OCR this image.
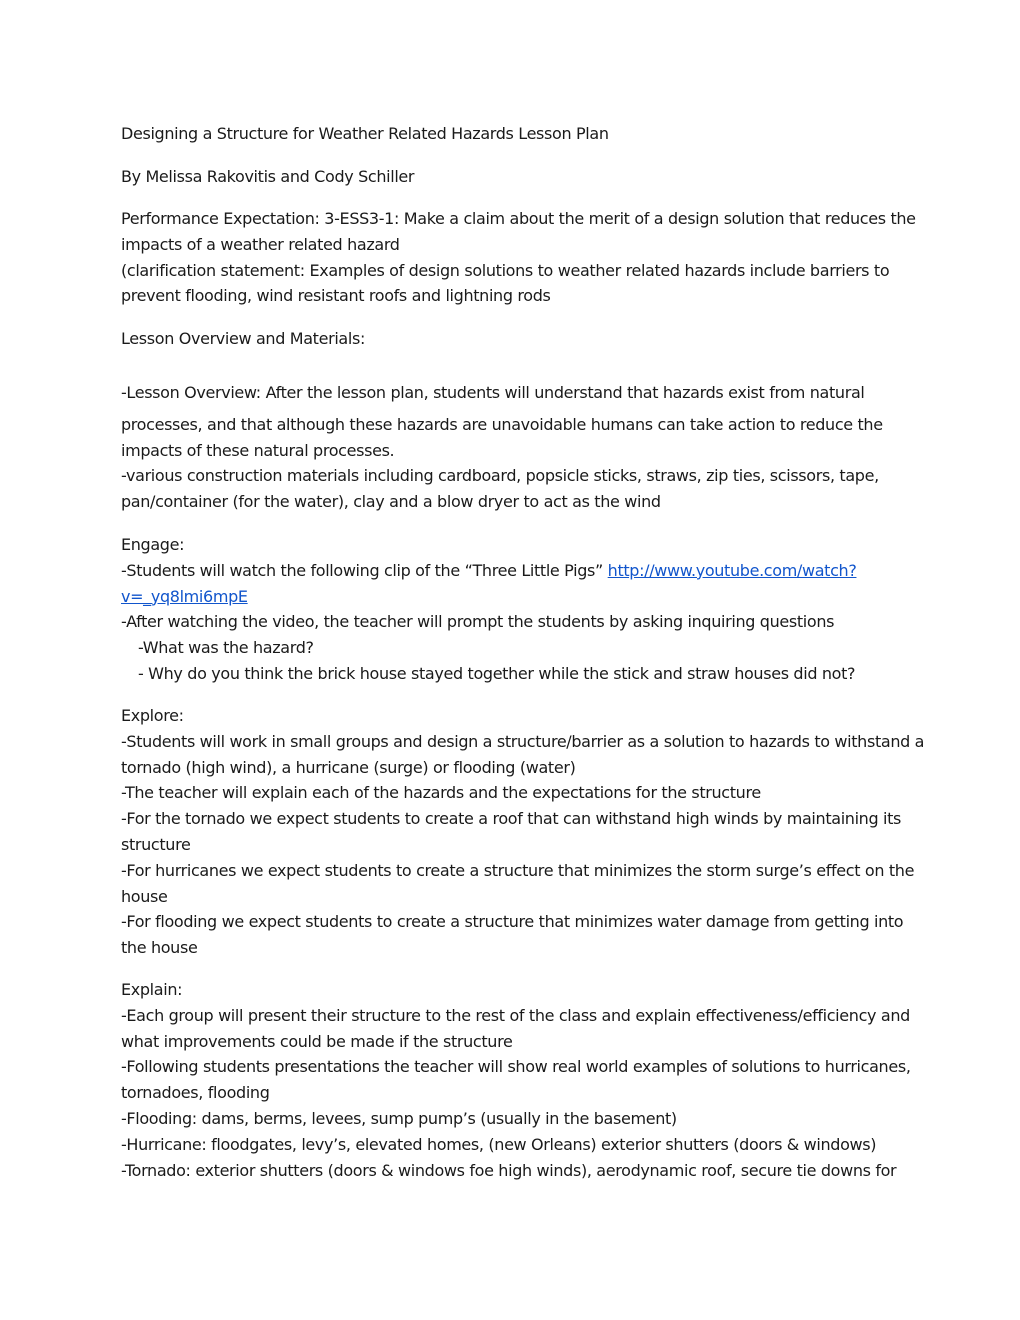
Designing a Structure for Weather Related Hazards Lesson Plan
By Melissa Rakovitis and Cody Schiller
Performance Expectation: 3-ESS3-1: Make a claim about the merit of a design solution that reduces the
impacts of a weather related hazard
(clarification statement: Examples of design solutions to weather related hazards include barriers to
prevent flooding, wind resistant roofs and lightning rods
Lesson Overview and Materials:
-Lesson Overview: After the lesson plan, students will understand that hazards exist from natural
processes, and that although these hazards are unavoidable humans can take action to reduce the
impacts of these natural processes.
-various construction materials including cardboard, popsicle sticks, straws, zip ties, scissors, tape,
pan/container (for the water), clay and a blow dryer to act as the wind
Engage:
-Students will watch the following clip of the “Three Little Pigs” http://www.youtube.com/watch?
v=_yq8lmi6mpE
-After watching the video, the teacher will prompt the students by asking inquiring questions
-What was the hazard?
- Why do you think the brick house stayed together while the stick and straw houses did not?
Explore:
-Students will work in small groups and design a structure/barrier as a solution to hazards to withstand a
tornado (high wind), a hurricane (surge) or flooding (water)
-The teacher will explain each of the hazards and the expectations for the structure
-For the tornado we expect students to create a roof that can withstand high winds by maintaining its
structure
-For hurricanes we expect students to create a structure that minimizes the storm surge’s effect on the
house
-For flooding we expect students to create a structure that minimizes water damage from getting into
the house
Explain:
-Each group will present their structure to the rest of the class and explain effectiveness/efficiency and
what improvements could be made if the structure
-Following students presentations the teacher will show real world examples of solutions to hurricanes,
tornadoes, flooding
-Flooding: dams, berms, levees, sump pump’s (usually in the basement)
-Hurricane: floodgates, levy’s, elevated homes, (new Orleans) exterior shutters (doors & windows)
-Tornado: exterior shutters (doors & windows foe high winds), aerodynamic roof, secure tie downs for
